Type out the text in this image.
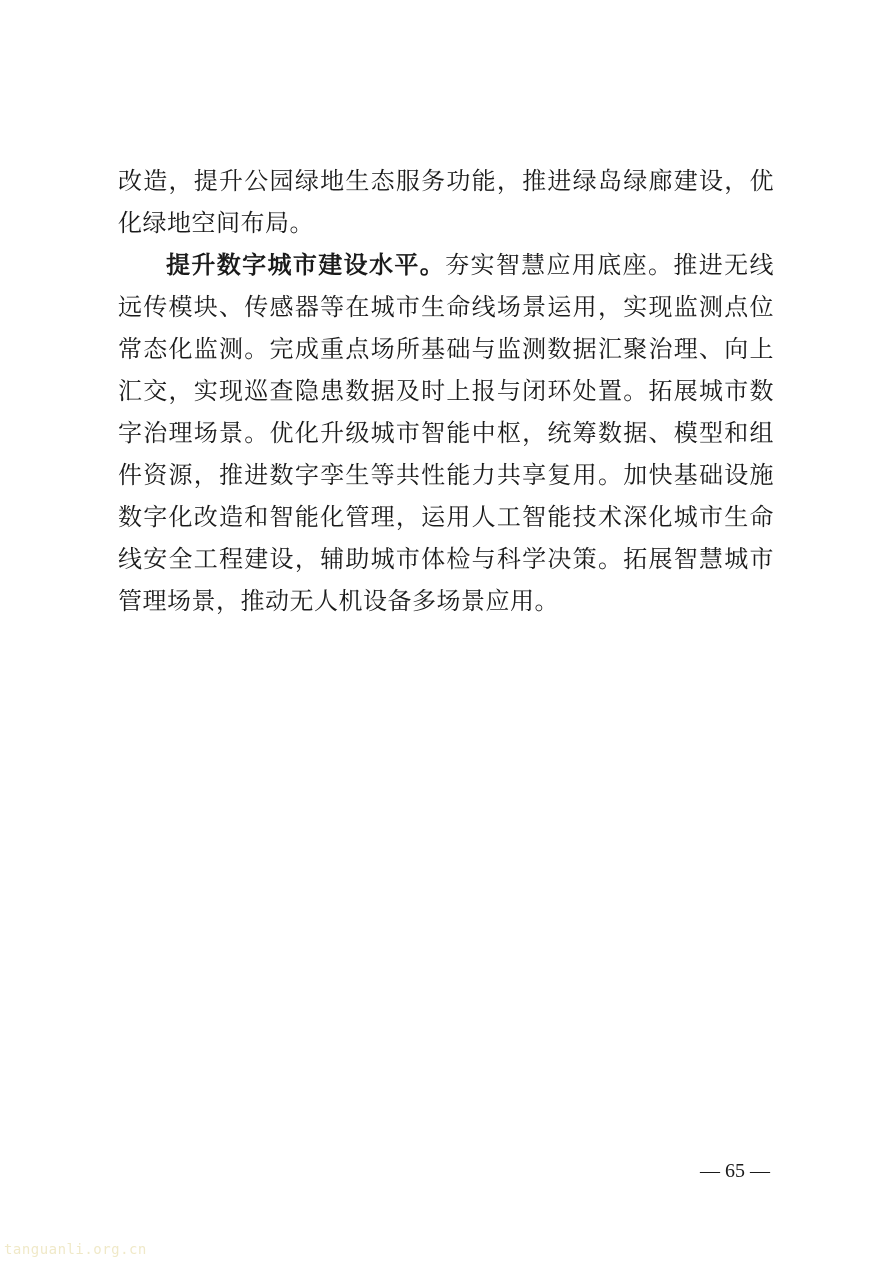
改造，提升公园绿地生态服务功能，推进绿岛绿廊建设，优化绿地空间布局。

提升数字城市建设水平。夯实智慧应用底座。推进无线远传模块、传感器等在城市生命线场景运用，实现监测点位常态化监测。完成重点场所基础与监测数据汇聚治理、向上汇交，实现巡查隐患数据及时上报与闭环处置。拓展城市数字治理场景。优化升级城市智能中枢，统筹数据、模型和组件资源，推进数字孪生等共性能力共享复用。加快基础设施数字化改造和智能化管理，运用人工智能技术深化城市生命线安全工程建设，辅助城市体检与科学决策。拓展智慧城市管理场景，推动无人机设备多场景应用。

— 65 —
tanguanli.org.cn
